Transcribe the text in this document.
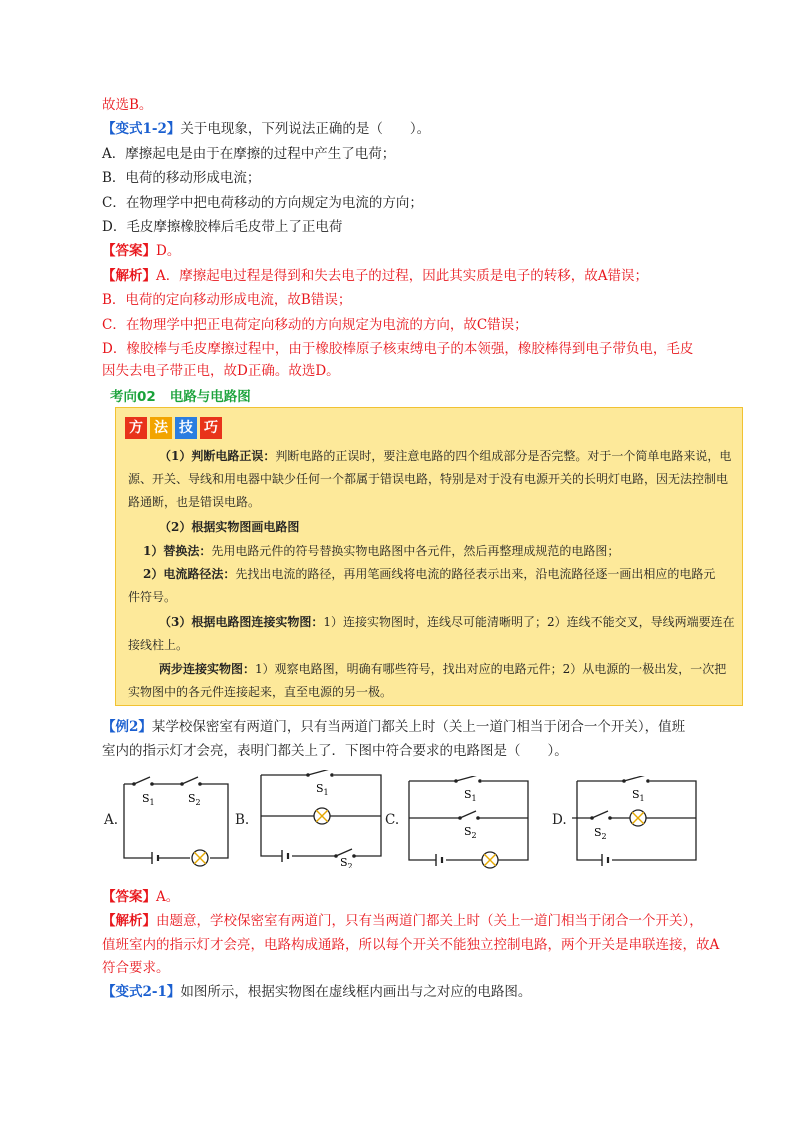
故选B。
【变式1-2】关于电现象，下列说法正确的是（　　）。
A．摩擦起电是由于在摩擦的过程中产生了电荷；
B．电荷的移动形成电流；
C．在物理学中把电荷移动的方向规定为电流的方向；
D．毛皮摩擦橡胶棒后毛皮带上了正电荷
【答案】D。
【解析】A．摩擦起电过程是得到和失去电子的过程，因此其实质是电子的转移，故A错误；
B．电荷的定向移动形成电流，故B错误；
C．在物理学中把正电荷定向移动的方向规定为电流的方向，故C错误；
D．橡胶棒与毛皮摩擦过程中，由于橡胶棒原子核束缚电子的本领强，橡胶棒得到电子带负电，毛皮
因失去电子带正电，故D正确。故选D。
考向02 电路与电路图
方 法 技 巧
（1）判断电路正误：判断电路的正误时，要注意电路的四个组成部分是否完整。对于一个简单电路来说，电
源、开关、导线和用电器中缺少任何一个都属于错误电路，特别是对于没有电源开关的长明灯电路，因无法控制电
路通断，也是错误电路。
（2）根据实物图画电路图
1）替换法：先用电路元件的符号替换实物电路图中各元件，然后再整理成规范的电路图；
2）电流路径法：先找出电流的路径，再用笔画线将电流的路径表示出来，沿电流路径逐一画出相应的电路元
件符号。
（3）根据电路图连接实物图：1）连接实物图时，连线尽可能清晰明了；2）连线不能交叉，导线两端要连在
接线柱上。
两步连接实物图：1）观察电路图，明确有哪些符号，找出对应的电路元件；2）从电源的一极出发，一次把
实物图中的各元件连接起来，直至电源的另一极。
【例2】某学校保密室有两道门，只有当两道门都关上时（关上一道门相当于闭合一个开关），值班
室内的指示灯才会亮，表明门都关上了．下图中符合要求的电路图是（　　）。
A.	B.	C.	D.
$S_1$	$S_2$
$S_1$
$S_2$
$S_1$
$S_2$
$S_1$
$S_2$
【答案】A。
【解析】由题意，学校保密室有两道门，只有当两道门都关上时（关上一道门相当于闭合一个开关），
值班室内的指示灯才会亮，电路构成通路，所以每个开关不能独立控制电路，两个开关是串联连接，故A
符合要求。
【变式2-1】如图所示，根据实物图在虚线框内画出与之对应的电路图。
